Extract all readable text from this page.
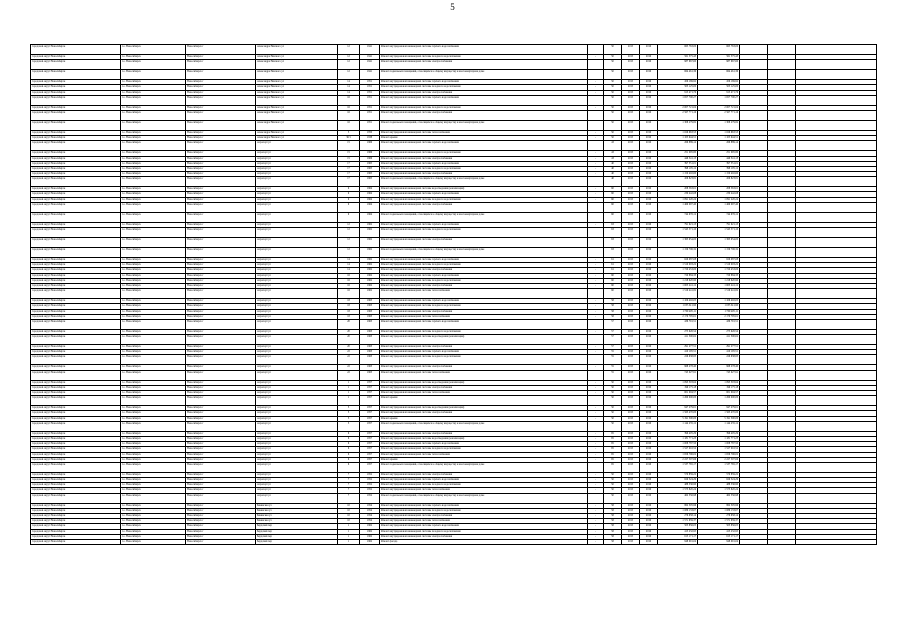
5
городской округ Новосибирск	г.о. Новосибирск	Новосибирск г	Александра Невского ул	12	1941	Ремонт внутридомовой инженерной системы горячего водоснабжения		50	2015	2016	665 763,00	665 763,00			
городской округ Новосибирск	г.о. Новосибирск	Новосибирск г	Александра Невского ул	12	1941	Ремонт внутридомовой инженерной системы холодного водоснабжения	-	50	2015	2016	561 575,43	561 575,43			
городской округ Новосибирск	г.о. Новосибирск	Новосибирск г	Александра Невского ул	12	1941	Ремонт внутридомовой инженерной системы электроснабжения		50	2015	2016	987 667,60	987 667,60			
городской округ Новосибирск	г.о. Новосибирск	Новосибирск г	Александра Невского ул	12	1941	Ремонт подвальных помещений, относящихся к общему имуществу в многоквартирном доме		50	2015	2016	664 461,36	664 461,36			
городской округ Новосибирск	г.о. Новосибирск	Новосибирск г	Александра Невского ул	14	1951	Ремонт внутридомовой инженерной системы горячего водоснабжения	-	50	2015	2016	456 169,92	456 169,92			
городской округ Новосибирск	г.о. Новосибирск	Новосибирск г	Александра Невского ул	14	1951	Ремонт внутридомовой инженерной системы холодного водоснабжения	-	50	2015	2016	503 125,00	503 125,00			
городской округ Новосибирск	г.о. Новосибирск	Новосибирск г	Александра Невского ул	14	1951	Ремонт внутридомовой инженерной системы электроснабжения	-	50	2015	2016	915 471,76	915 471,76			
городской округ Новосибирск	г.о. Новосибирск	Новосибирск г	Александра Невского ул	16	1951	Ремонт внутридомовой инженерной системы горячего водоснабжения		50	2015	2016	1 657 700,27	1 657 700,27			
городской округ Новосибирск	г.о. Новосибирск	Новосибирск г	Александра Невского ул	16	1951	Ремонт внутридомовой инженерной системы холодного водоснабжения	-	50	2015	2016	2 007 721,04	2 007 721,04			
городской округ Новосибирск	г.о. Новосибирск	Новосибирск г	Александра Невского ул	16	1951	Ремонт внутридомовой инженерной системы электроснабжения		50	2015	2016	2 567 771,16	2 567 771,16			
городской округ Новосибирск	г.о. Новосибирск	Новосибирск г	Александра Невского ул	16	1951	Ремонт подвальных помещений, относящихся к общему имуществу в многоквартирном доме		50	2015	2016	1 308 279,82	1 308 279,82			
городской округ Новосибирск	г.о. Новосибирск	Новосибирск г	Александра Невского ул	5	1950	Ремонт внутридомовой инженерной системы теплоснабжения	-	50	2015	2016	1 026 663,53	1 026 663,53			
городской округ Новосибирск	г.о. Новосибирск	Новосибирск г	Александра Невского ул	30/1	1938	Ремонт крыши	-	50	2015	2016	1 105 944,51	1 105 944,51			
городской округ Новосибирск	г.о. Новосибирск	Новосибирск г	Аэропорт ул	15	1966	Ремонт внутридомовой инженерной системы горячего водоснабжения		43	2015	2016	266 889,14	266 889,14			
городской округ Новосибирск	г.о. Новосибирск	Новосибирск г	Аэропорт ул	15	1966	Ремонт внутридомовой инженерной системы холодного водоснабжения	-	43	2015	2016	251 095,80	251 095,80			
городской округ Новосибирск	г.о. Новосибирск	Новосибирск г	Аэропорт ул	15	1966	Ремонт внутридомовой инженерной системы электроснабжения	-	43	2015	2016	446 341,13	446 341,13			
городской округ Новосибирск	г.о. Новосибирск	Новосибирск г	Аэропорт ул	17	1965	Ремонт внутридомовой инженерной системы горячего водоснабжения	-	40	2015	2016	397 351,01	397 351,01			
городской округ Новосибирск	г.о. Новосибирск	Новосибирск г	Аэропорт ул	17	1965	Ремонт внутридомовой инженерной системы холодного водоснабжения	-	40	2015	2016	398 105,12	398 105,12			
городской округ Новосибирск	г.о. Новосибирск	Новосибирск г	Аэропорт ул	17	1965	Ремонт внутридомовой инженерной системы электроснабжения	-	40	2015	2016	1 150 402,60	1 150 402,60			
городской округ Новосибирск	г.о. Новосибирск	Новосибирск г	Аэропорт ул	17	1965	Ремонт подвальных помещений, относящихся к общему имуществу в многоквартирном доме		40	2015	2016	456 823,81	456 823,81			
городской округ Новосибирск	г.о. Новосибирск	Новосибирск г	Аэропорт ул	9	1964	Ремонт внутридомовой инженерной системы водоотведения (канализации)	-	60	2015	2016	208 563,61	208 563,61			
городской округ Новосибирск	г.о. Новосибирск	Новосибирск г	Аэропорт ул	9	1964	Ремонт внутридомовой инженерной системы горячего водоснабжения	-	60	2015	2016	230 442,08	230 442,08			
городской округ Новосибирск	г.о. Новосибирск	Новосибирск г	Аэропорт ул	9	1964	Ремонт внутридомовой инженерной системы холодного водоснабжения	-	60	2015	2016	1 091 220,24	1 091 220,24			
городской округ Новосибирск	г.о. Новосибирск	Новосибирск г	Аэропорт ул	9	1964	Ремонт внутридомовой инженерной системы электроснабжения		60	2015	2016	1 469 097,40	1 469 097,40			
городской округ Новосибирск	г.о. Новосибирск	Новосибирск г	Аэропорт ул	9	1964	Ремонт подвальных помещений, относящихся к общему имуществу в многоквартирном доме		60	2015	2016	744 976,12	744 976,12			
городской округ Новосибирск	г.о. Новосибирск	Новосибирск г	Аэропорт ул	12	1962	Ремонт внутридомовой инженерной системы горячего водоснабжения	-	63	2015	2016	791 921,13	791 921,13			
городской округ Новосибирск	г.о. Новосибирск	Новосибирск г	Аэропорт ул	12	1962	Ремонт внутридомовой инженерной системы холодного водоснабжения		63	2015	2016	1 545 571,10	1 545 571,10			
городской округ Новосибирск	г.о. Новосибирск	Новосибирск г	Аэропорт ул	12	1962	Ремонт внутридомовой инженерной системы электроснабжения		63	2015	2016	1 363 954,00	1 363 954,00			
городской округ Новосибирск	г.о. Новосибирск	Новосибирск г	Аэропорт ул	12	1962	Ремонт подвальных помещений, относящихся к общему имуществу в многоквартирном доме		63	2015	2016	1 159 706,32	1 159 706,32			
городской округ Новосибирск	г.о. Новосибирск	Новосибирск г	Аэропорт ул	14	1962	Ремонт внутридомовой инженерной системы горячего водоснабжения	-	61	2015	2016	626 087,08	626 087,08			
городской округ Новосибирск	г.о. Новосибирск	Новосибирск г	Аэропорт ул	14	1962	Ремонт внутридомовой инженерной системы холодного водоснабжения	-	61	2015	2016	1 510 003,22	1 510 003,22			
городской округ Новосибирск	г.о. Новосибирск	Новосибирск г	Аэропорт ул	14	1962	Ремонт внутридомовой инженерной системы электроснабжения	-	61	2015	2016	1 720 453,00	1 720 453,00			
городской округ Новосибирск	г.о. Новосибирск	Новосибирск г	Аэропорт ул	16	1962	Ремонт внутридомовой инженерной системы горячего водоснабжения	-	60	2015	2016	720 884,33	720 884,33			
городской округ Новосибирск	г.о. Новосибирск	Новосибирск г	Аэропорт ул	16	1962	Ремонт внутридомовой инженерной системы холодного водоснабжения	-	60	2015	2016	1 218 620,90	1 218 620,90			
городской округ Новосибирск	г.о. Новосибирск	Новосибирск г	Аэропорт ул	16	1962	Ремонт внутридомовой инженерной системы электроснабжения	-	60	2015	2016	1 603 241,12	1 603 241,12			
городской округ Новосибирск	г.о. Новосибирск	Новосибирск г	Аэропорт ул	16	1962	Ремонт внутридомовой инженерной системы теплоснабжения		60	2015	2016	1 519 441,82	1 519 441,82			
городской округ Новосибирск	г.о. Новосибирск	Новосибирск г	Аэропорт ул	18	1963	Ремонт внутридомовой инженерной системы горячего водоснабжения	-	58	2015	2016	1 106 402,05	1 106 402,05			
городской округ Новосибирск	г.о. Новосибирск	Новосибирск г	Аэропорт ул	18	1963	Ремонт внутридомовой инженерной системы холодного водоснабжения	-	58	2015	2016	1 035 611,90	1 035 611,90			
городской округ Новосибирск	г.о. Новосибирск	Новосибирск г	Аэропорт ул	18	1963	Ремонт внутридомовой инженерной системы электроснабжения	-	58	2015	2016	1 709 405,11	1 709 405,11			
городской округ Новосибирск	г.о. Новосибирск	Новосибирск г	Аэропорт ул	18	1963	Ремонт внутридомовой инженерной системы теплоснабжения	-	58	2015	2016	2 170 795,61	2 170 795,61			
городской округ Новосибирск	г.о. Новосибирск	Новосибирск г	Аэропорт ул	20	1963	Ремонт внутридомовой инженерной системы горячего водоснабжения		57	2015	2016	436 791,51	436 791,51			
городской округ Новосибирск	г.о. Новосибирск	Новосибирск г	Аэропорт ул	20	1963	Ремонт внутридомовой инженерной системы холодного водоснабжения	-	57	2015	2016	275 926,54	275 926,54			
городской округ Новосибирск	г.о. Новосибирск	Новосибирск г	Аэропорт ул	20	1963	Ремонт внутридомовой инженерной системы водоотведения (канализации)		57	2015	2016	411 300,62	411 300,62			
городской округ Новосибирск	г.о. Новосибирск	Новосибирск г	Аэропорт ул	20	1963	Ремонт внутридомовой инженерной системы электроснабжения	-	57	2015	2016	291 277,51	291 277,51			
городской округ Новосибирск	г.о. Новосибирск	Новосибирск г	Аэропорт ул	22	1963	Ремонт внутридомовой инженерной системы горячего водоснабжения	-	55	2015	2016	410 195,51	410 195,51			
городской округ Новосибирск	г.о. Новосибирск	Новосибирск г	Аэропорт ул	22	1963	Ремонт внутридомовой инженерной системы холодного водоснабжения		55	2015	2016	226 638,83	226 638,83			
городской округ Новосибирск	г.о. Новосибирск	Новосибирск г	Аэропорт ул	22	1963	Ремонт внутридомовой инженерной системы электроснабжения	-	55	2015	2016	968 278,40	968 278,40			
городской округ Новосибирск	г.о. Новосибирск	Новосибирск г	Аэропорт ул	22	1963	Ремонт внутридомовой инженерной системы теплоснабжения		55	2015	2016	745 027,91	745 027,91			
городской округ Новосибирск	г.о. Новосибирск	Новосибирск г	Аэропорт ул	1	1957	Ремонт внутридомовой инженерной системы водоотведения (канализации)	-	50	2015	2016	1 093 303,64	1 093 303,64			
городской округ Новосибирск	г.о. Новосибирск	Новосибирск г	Аэропорт ул	1	1957	Ремонт внутридомовой инженерной системы электроснабжения	-	50	2015	2016	199 175,18	199 175,18			
городской округ Новосибирск	г.о. Новосибирск	Новосибирск г	Аэропорт ул	1	1957	Ремонт внутридомовой инженерной системы теплоснабжения	-	50	2015	2016	601 004,57	601 004,57			
городской округ Новосибирск	г.о. Новосибирск	Новосибирск г	Аэропорт ул	1	1957	Ремонт крыши		50	2015	2016	1 260 000,00	1 260 000,00			
городской округ Новосибирск	г.о. Новосибирск	Новосибирск г	Аэропорт ул	3	1957	Ремонт внутридомовой инженерной системы водоотведения (канализации)	-	50	2015	2016	947 279,61	947 279,61			
городской округ Новосибирск	г.о. Новосибирск	Новосибирск г	Аэропорт ул	3	1957	Ремонт внутридомовой инженерной системы электроснабжения	-	50	2015	2016	1 563 470,00	1 563 470,00			
городской округ Новосибирск	г.о. Новосибирск	Новосибирск г	Аэропорт ул	3	1957	Ремонт крыши	-	50	2015	2016	5 191 300,00	5 191 300,00			
городской округ Новосибирск	г.о. Новосибирск	Новосибирск г	Аэропорт ул	3	1957	Ремонт подвальных помещений, относящихся к общему имуществу в многоквартирном доме		50	2015	2016	1 144 235,12	1 144 235,12			
городской округ Новосибирск	г.о. Новосибирск	Новосибирск г	Аэропорт ул	6	1957	Ремонт внутридомовой инженерной системы электроснабжения	-	65	2015	2016	396 405,29	396 405,29			
городской округ Новосибирск	г.о. Новосибирск	Новосибирск г	Аэропорт ул	6	1957	Ремонт внутридомовой инженерной системы водоотведения (канализации)	-	65	2015	2016	1 181 771,23	1 181 771,23			
городской округ Новосибирск	г.о. Новосибирск	Новосибирск г	Аэропорт ул	6	1957	Ремонт внутридомовой инженерной системы горячего водоснабжения	-	65	2015	2016	1 008 787,50	1 008 787,50			
городской округ Новосибирск	г.о. Новосибирск	Новосибирск г	Аэропорт ул	6	1957	Ремонт внутридомовой инженерной системы холодного водоснабжения	-	65	2015	2016	1 527 016,52	1 527 016,52			
городской округ Новосибирск	г.о. Новосибирск	Новосибирск г	Аэропорт ул	6	1957	Ремонт внутридомовой инженерной системы теплоснабжения	-	65	2015	2016	1 656 796,02	1 656 796,02			
городской округ Новосибирск	г.о. Новосибирск	Новосибирск г	Аэропорт ул	6	1957	Ремонт крыши	-	65	2015	2016	2 227 507,66	2 227 507,66			
городской округ Новосибирск	г.о. Новосибирск	Новосибирск г	Аэропорт ул	6	1957	Ремонт подвальных помещений, относящихся к общему имуществу в многоквартирном доме		65	2015	2016	1 537 765,17	1 537 765,17			
городской округ Новосибирск	г.о. Новосибирск	Новосибирск г	Аэропорт ул	7	1952	Ремонт внутридомовой инженерной системы электроснабжения	-	50	2015	2016	570 859,22	570 859,22			
городской округ Новосибирск	г.о. Новосибирск	Новосибирск г	Аэропорт ул	7	1952	Ремонт внутридомовой инженерной системы горячего водоснабжения	-	50	2015	2016	629 324,29	629 324,29			
городской округ Новосибирск	г.о. Новосибирск	Новосибирск г	Аэропорт ул	7	1952	Ремонт внутридомовой инженерной системы холодного водоснабжения	-	50	2015	2016	488 336,90	488 336,90			
городской округ Новосибирск	г.о. Новосибирск	Новосибирск г	Аэропорт ул	7	1952	Ремонт внутридомовой инженерной системы теплоснабжения	-	50	2015	2016	1 573 820,24	1 573 820,24			
городской округ Новосибирск	г.о. Новосибирск	Новосибирск г	Аэропорт ул	7	1952	Ремонт подвальных помещений, относящихся к общему имуществу в многоквартирном доме		50	2015	2016	462 356,98	462 356,98			
городской округ Новосибирск	г.о. Новосибирск	Новосибирск г	Бакинская ул	10	1954	Ремонт внутридомовой инженерной системы горячего водоснабжения	-	58	2015	2016	862 305,96	862 305,96			
городской округ Новосибирск	г.о. Новосибирск	Новосибирск г	Бакинская ул	10	1954	Ремонт внутридомовой инженерной системы холодного водоснабжения	-	58	2015	2016	1 086 133,67	1 086 133,67			
городской округ Новосибирск	г.о. Новосибирск	Новосибирск г	Бакинская ул	10	1954	Ремонт внутридомовой инженерной системы электроснабжения	-	58	2015	2016	276 658,14	276 658,14			
городской округ Новосибирск	г.о. Новосибирск	Новосибирск г	Бакинская ул	10	1954	Ремонт внутридомовой инженерной системы теплоснабжения	-	58	2015	2016	1 571 659,37	1 571 659,37			
городской округ Новосибирск	г.о. Новосибирск	Новосибирск г	Бердский пер	1	1962	Ремонт внутридомовой инженерной системы горячего водоснабжения	-	58	2015	2016	503 856,05	503 856,05			
городской округ Новосибирск	г.о. Новосибирск	Новосибирск г	Бердский пер	1	1962	Ремонт внутридомовой инженерной системы холодного водоснабжения	-	58	2015	2016	413 232,95	413 232,95			
городской округ Новосибирск	г.о. Новосибирск	Новосибирск г	Бердский пер	1	1962	Ремонт внутридомовой инженерной системы электроснабжения	-	58	2015	2016	615 171,17	615 171,17			
городской округ Новосибирск	г.о. Новосибирск	Новосибирск г	Бердский пер	1	1962	Ремонт фасада	-	58	2015	2016	948 091,04	948 091,04			
